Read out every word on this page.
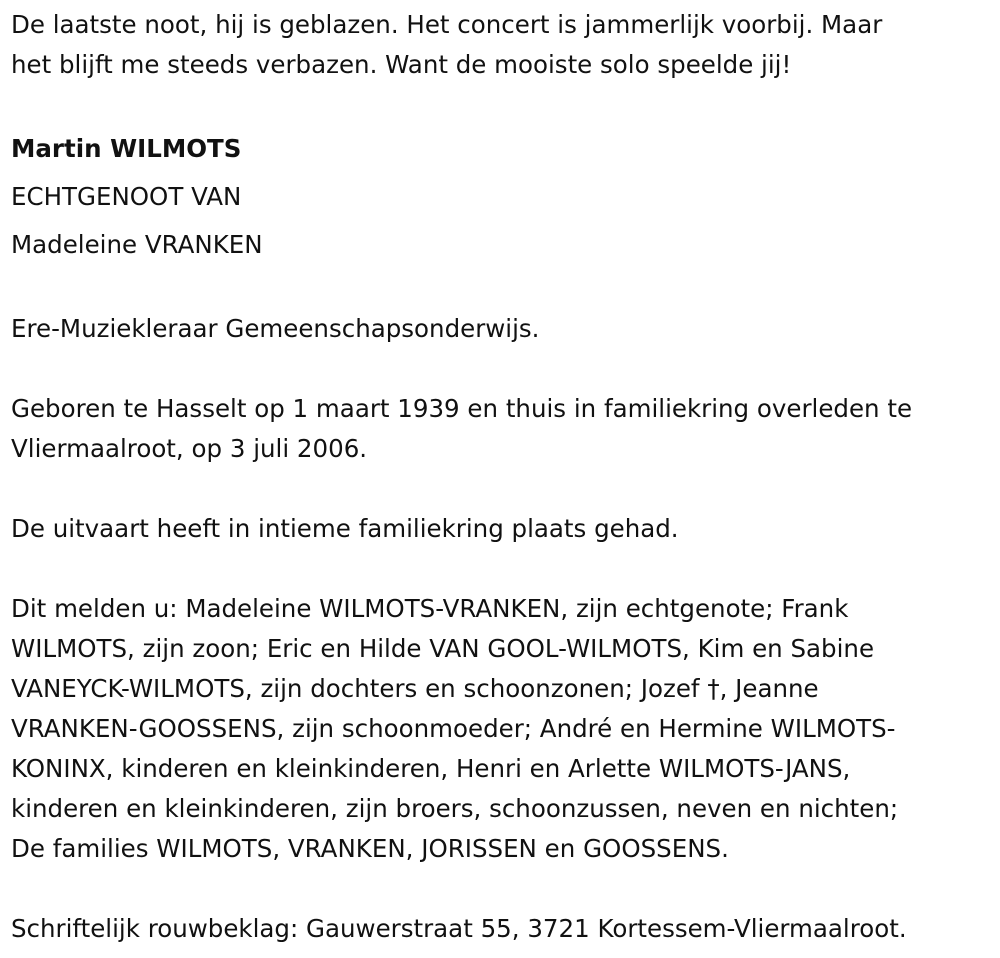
De laatste noot, hij is geblazen. Het concert is jammerlijk voorbij. Maar

het blijft me steeds verbazen. Want de mooiste solo speelde jij!

Martin WILMOTS

ECHTGENOOT VAN

Madeleine VRANKEN

Ere-Muziekleraar Gemeenschapsonderwijs.

Geboren te Hasselt op 1 maart 1939 en thuis in familiekring overleden te

Vliermaalroot, op 3 juli 2006.

De uitvaart heeft in intieme familiekring plaats gehad.

Dit melden u: Madeleine WILMOTS-VRANKEN, zijn echtgenote; Frank

WILMOTS, zijn zoon; Eric en Hilde VAN GOOL-WILMOTS, Kim en Sabine

VANEYCK-WILMOTS, zijn dochters en schoonzonen; Jozef †, Jeanne

VRANKEN-GOOSSENS, zijn schoonmoeder; André en Hermine WILMOTS-

KONINX, kinderen en kleinkinderen, Henri en Arlette WILMOTS-JANS,

kinderen en kleinkinderen, zijn broers, schoonzussen, neven en nichten;

De families WILMOTS, VRANKEN, JORISSEN en GOOSSENS.

Schriftelijk rouwbeklag: Gauwerstraat 55, 3721 Kortessem-Vliermaalroot.
